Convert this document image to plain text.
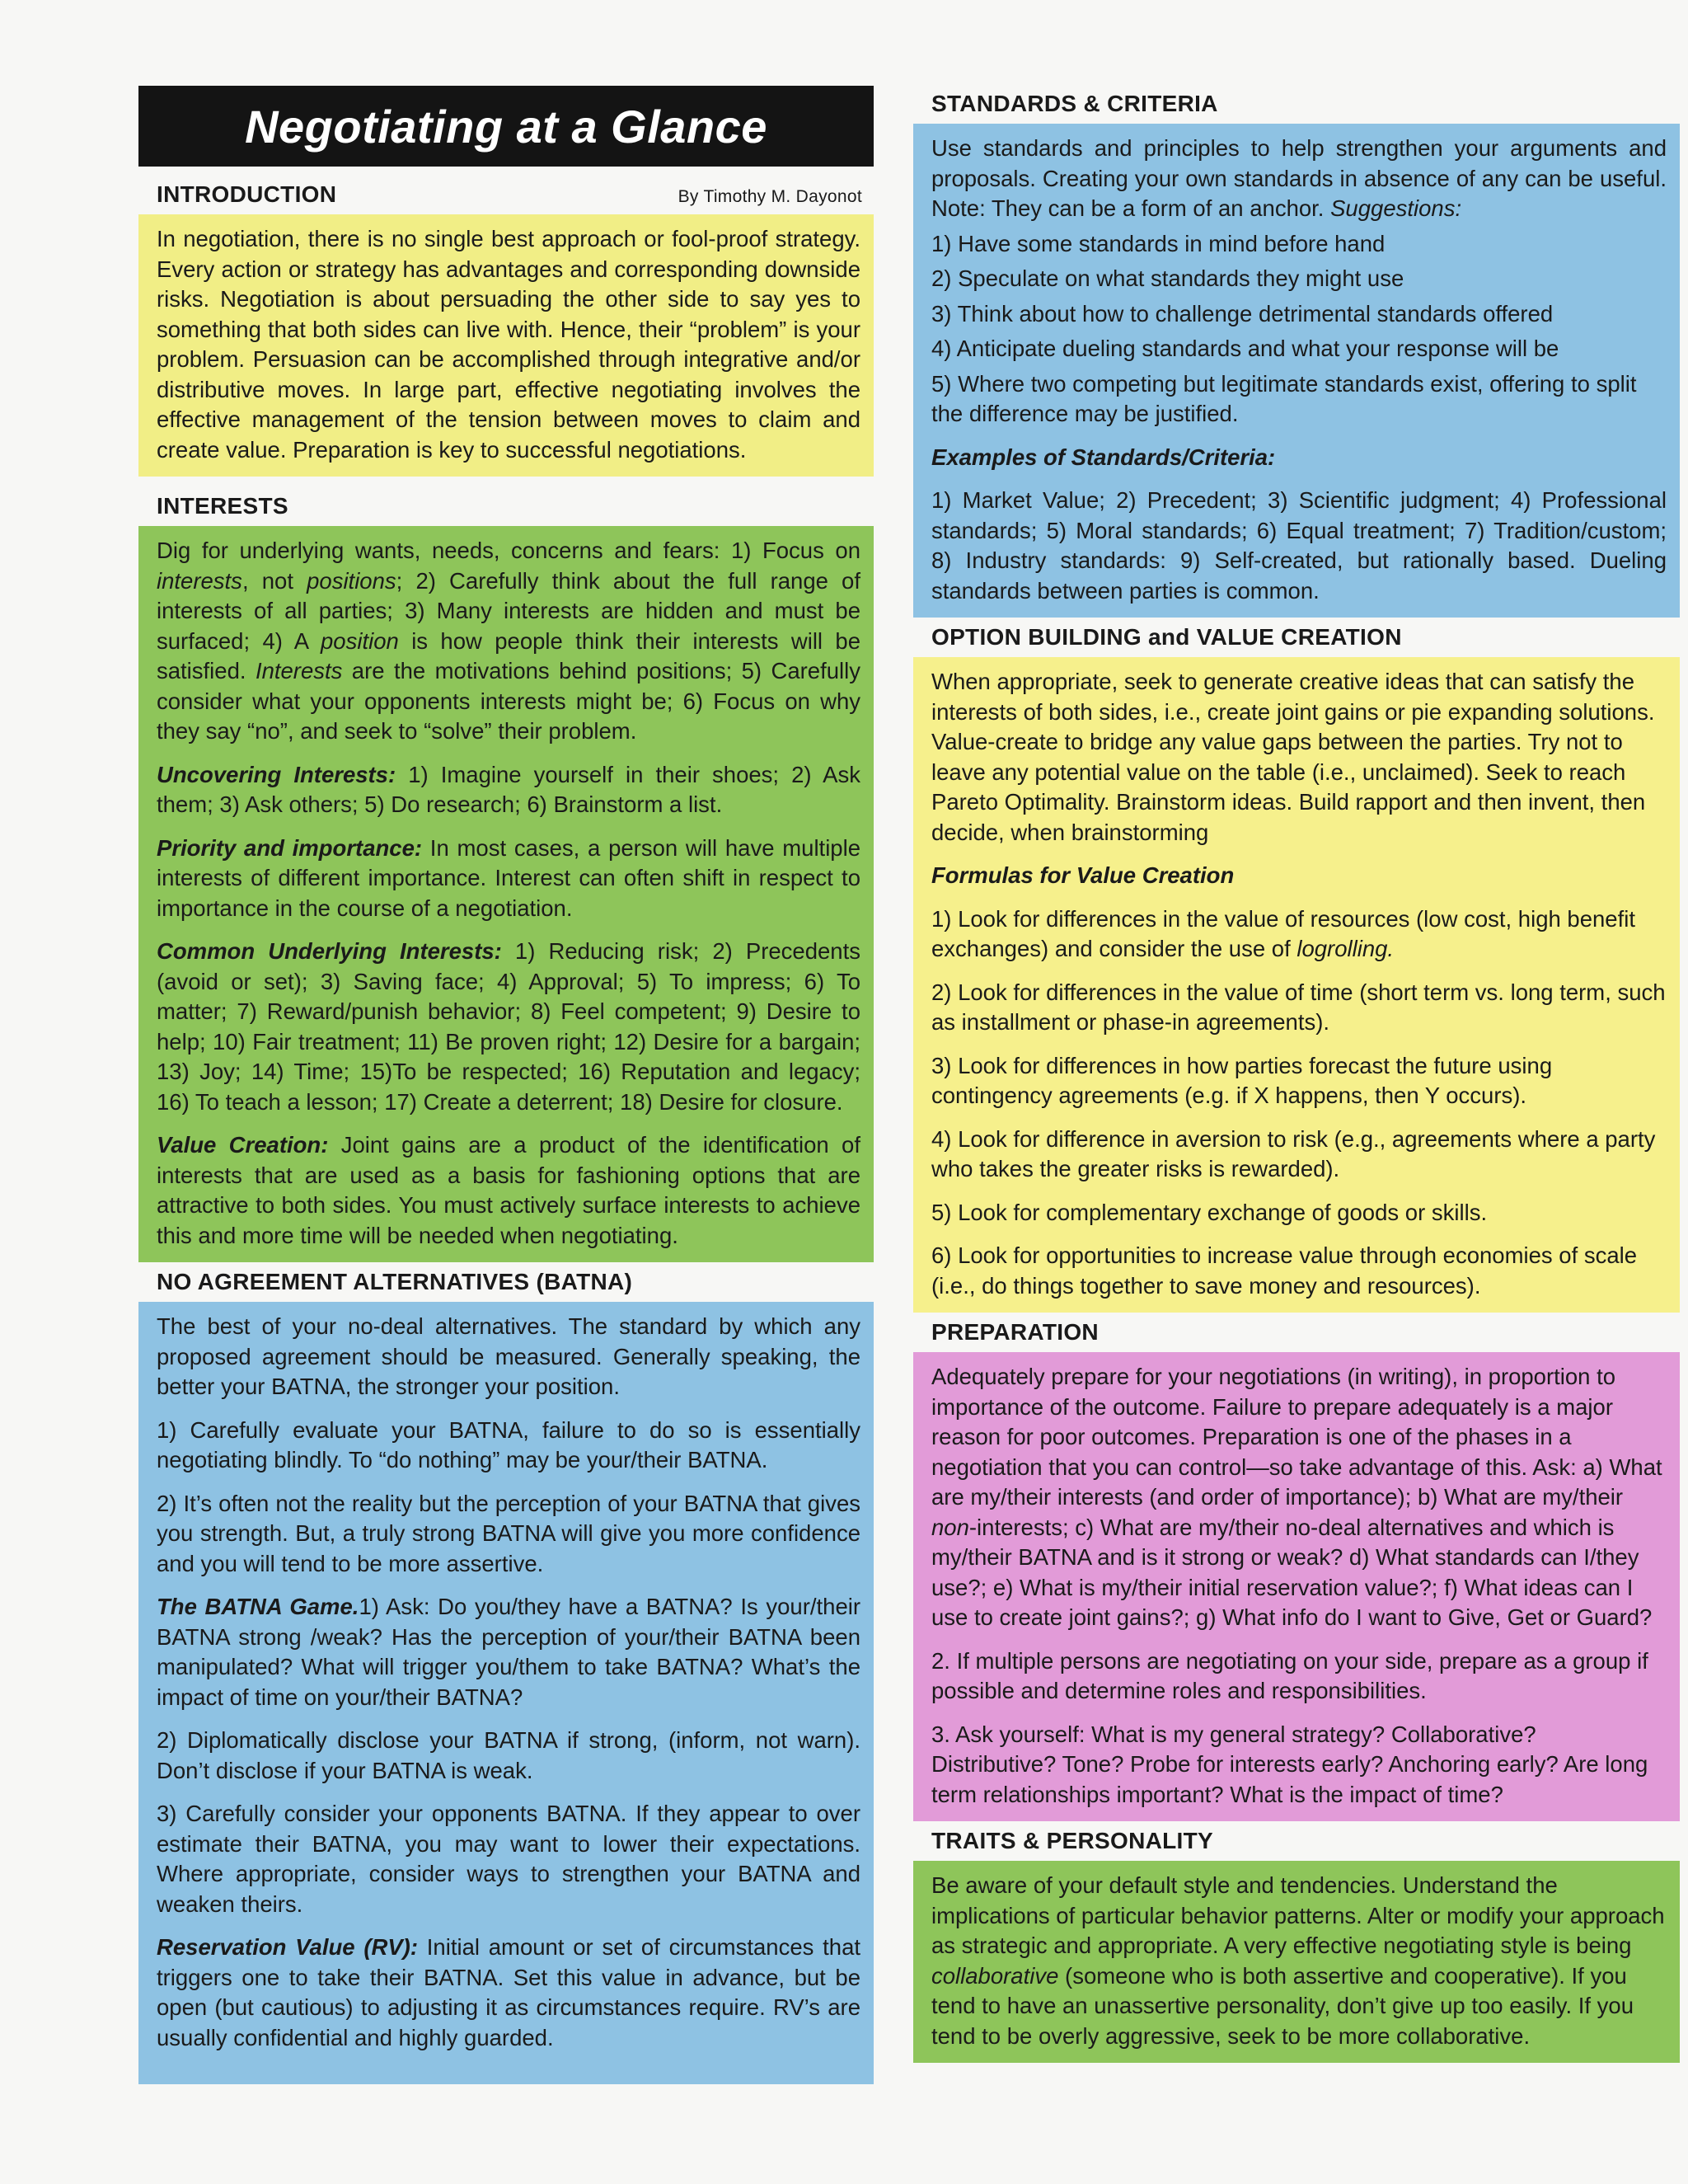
Negotiating at a Glance
INTRODUCTION	By Timothy M. Dayonot

In negotiation, there is no single best approach or fool-proof strategy. Every action or strategy has advantages and corresponding downside risks. Negotiation is about persuading the other side to say yes to something that both sides can live with. Hence, their “problem” is your problem. Persuasion can be accomplished through integrative and/or distributive moves. In large part, effective negotiating involves the effective management of the tension between moves to claim and create value. Preparation is key to successful negotiations.

INTERESTS

Dig for underlying wants, needs, concerns and fears: 1) Focus on interests, not positions; 2) Carefully think about the full range of interests of all parties; 3) Many interests are hidden and must be surfaced; 4) A position is how people think their interests will be satisfied. Interests are the motivations behind positions; 5) Carefully consider what your opponents interests might be; 6) Focus on why they say “no”, and seek to “solve” their problem.

Uncovering Interests: 1) Imagine yourself in their shoes; 2) Ask them; 3) Ask others; 5) Do research; 6) Brainstorm a list.

Priority and importance: In most cases, a person will have multiple interests of different importance. Interest can often shift in respect to importance in the course of a negotiation.

Common Underlying Interests: 1) Reducing risk; 2) Precedents (avoid or set); 3) Saving face; 4) Approval; 5) To impress; 6) To matter; 7) Reward/punish behavior; 8) Feel competent; 9) Desire to help; 10) Fair treatment; 11) Be proven right; 12) Desire for a bargain; 13) Joy; 14) Time; 15)To be respected; 16) Reputation and legacy; 16) To teach a lesson; 17) Create a deterrent; 18) Desire for closure.

Value Creation: Joint gains are a product of the identification of interests that are used as a basis for fashioning options that are attractive to both sides. You must actively surface interests to achieve this and more time will be needed when negotiating.

NO AGREEMENT ALTERNATIVES (BATNA)

The best of your no-deal alternatives. The standard by which any proposed agreement should be measured. Generally speaking, the better your BATNA, the stronger your position.

1) Carefully evaluate your BATNA, failure to do so is essentially negotiating blindly. To “do nothing” may be your/their BATNA.

2) It’s often not the reality but the perception of your BATNA that gives you strength. But, a truly strong BATNA will give you more confidence and you will tend to be more assertive.

The BATNA Game.1) Ask: Do you/they have a BATNA? Is your/their BATNA strong /weak? Has the perception of your/their BATNA been manipulated? What will trigger you/them to take BATNA? What’s the impact of time on your/their BATNA?

2) Diplomatically disclose your BATNA if strong, (inform, not warn). Don’t disclose if your BATNA is weak.

3) Carefully consider your opponents BATNA. If they appear to over estimate their BATNA, you may want to lower their expectations. Where appropriate, consider ways to strengthen your BATNA and weaken theirs.

Reservation Value (RV): Initial amount or set of circumstances that triggers one to take their BATNA. Set this value in advance, but be open (but cautious) to adjusting it as circumstances require. RV’s are usually confidential and highly guarded.

STANDARDS & CRITERIA

Use standards and principles to help strengthen your arguments and proposals. Creating your own standards in absence of any can be useful. Note: They can be a form of an anchor. Suggestions:

1) Have some standards in mind before hand
2) Speculate on what standards they might use
3) Think about how to challenge detrimental standards offered
4) Anticipate dueling standards and what your response will be
5) Where two competing but legitimate standards exist, offering to split the difference may be justified.

Examples of Standards/Criteria:

1) Market Value; 2) Precedent; 3) Scientific judgment; 4) Professional standards; 5) Moral standards; 6) Equal treatment; 7) Tradition/custom; 8) Industry standards: 9) Self-created, but rationally based. Dueling standards between parties is common.

OPTION BUILDING and VALUE CREATION

When appropriate, seek to generate creative ideas that can satisfy the interests of both sides, i.e., create joint gains or pie expanding solutions. Value-create to bridge any value gaps between the parties. Try not to leave any potential value on the table (i.e., unclaimed). Seek to reach Pareto Optimality. Brainstorm ideas. Build rapport and then invent, then decide, when brainstorming

Formulas for Value Creation

1) Look for differences in the value of resources (low cost, high benefit exchanges) and consider the use of logrolling.

2) Look for differences in the value of time (short term vs. long term, such as installment or phase-in agreements).

3) Look for differences in how parties forecast the future using contingency agreements (e.g. if X happens, then Y occurs).

4) Look for difference in aversion to risk (e.g., agreements where a party who takes the greater risks is rewarded).

5) Look for complementary exchange of goods or skills.

6) Look for opportunities to increase value through economies of scale (i.e., do things together to save money and resources).

PREPARATION

Adequately prepare for your negotiations (in writing), in proportion to importance of the outcome. Failure to prepare adequately is a major reason for poor outcomes. Preparation is one of the phases in a negotiation that you can control—so take advantage of this. Ask: a) What are my/their interests (and order of importance); b) What are my/their non-interests; c) What are my/their no-deal alternatives and which is my/their BATNA and is it strong or weak? d) What standards can I/they use?; e) What is my/their initial reservation value?; f) What ideas can I use to create joint gains?; g) What info do I want to Give, Get or Guard?

2. If multiple persons are negotiating on your side, prepare as a group if possible and determine roles and responsibilities.

3. Ask yourself: What is my general strategy? Collaborative? Distributive? Tone? Probe for interests early? Anchoring early? Are long term relationships important? What is the impact of time?

TRAITS & PERSONALITY

Be aware of your default style and tendencies. Understand the implications of particular behavior patterns. Alter or modify your approach as strategic and appropriate. A very effective negotiating style is being collaborative (someone who is both assertive and cooperative). If you tend to have an unassertive personality, don’t give up too easily. If you tend to be overly aggressive, seek to be more collaborative.
